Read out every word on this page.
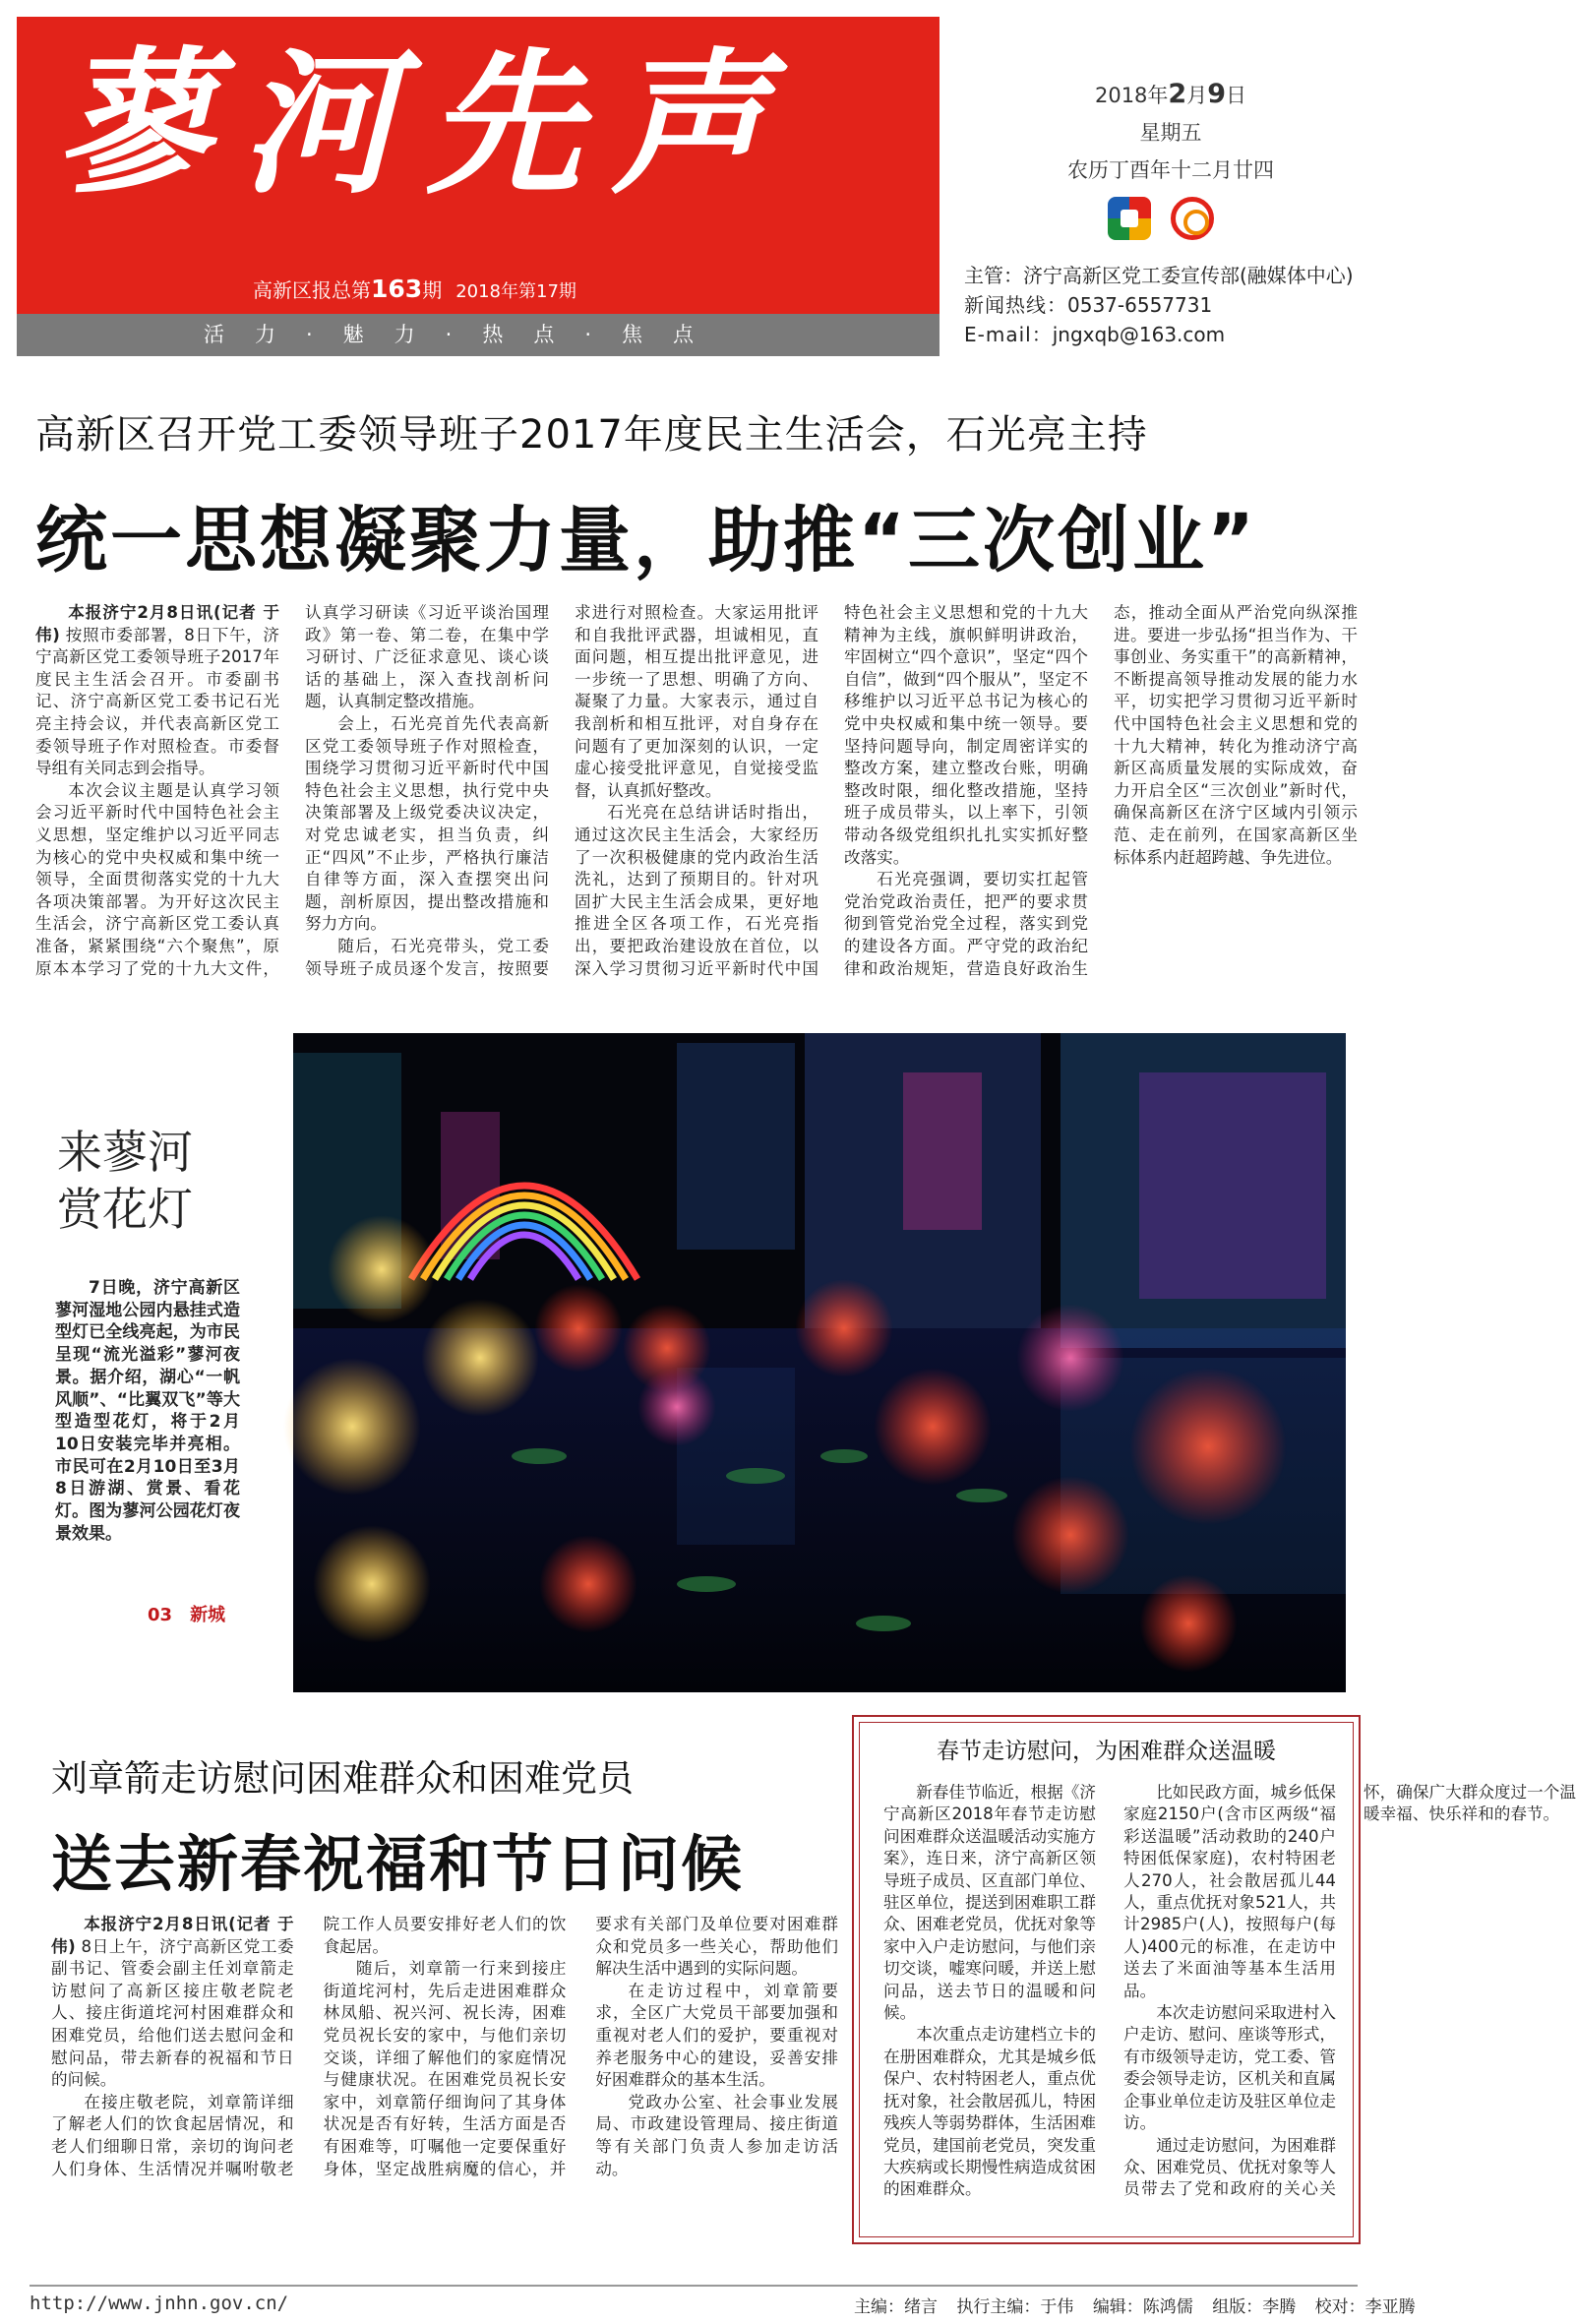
蓼河先声
高新区报总第163期 2018年第17期
活　力　·　魅　力　·　热　点　·　焦　点
2018年2月9日
星期五
农历丁酉年十二月廿四
主管：济宁高新区党工委宣传部(融媒体中心)
新闻热线：0537-6557731
E-mail：jngxqb@163.com
高新区召开党工委领导班子2017年度民主生活会，石光亮主持
统一思想凝聚力量，助推“三次创业”

本报济宁2月8日讯(记者 于伟) 按照市委部署，8日下午，济宁高新区党工委领导班子2017年度民主生活会召开。市委副书记、济宁高新区党工委书记石光亮主持会议，并代表高新区党工委领导班子作对照检查。市委督导组有关同志到会指导。

本次会议主题是认真学习领会习近平新时代中国特色社会主义思想，坚定维护以习近平同志为核心的党中央权威和集中统一领导，全面贯彻落实党的十九大各项决策部署。为开好这次民主生活会，济宁高新区党工委认真准备，紧紧围绕“六个聚焦”，原原本本学习了党的十九大文件，认真学习研读《习近平谈治国理政》第一卷、第二卷，在集中学习研讨、广泛征求意见、谈心谈话的基础上，深入查找剖析问题，认真制定整改措施。

会上，石光亮首先代表高新区党工委领导班子作对照检查，围绕学习贯彻习近平新时代中国特色社会主义思想，执行党中央决策部署及上级党委决议决定，对党忠诚老实，担当负责，纠正“四风”不止步，严格执行廉洁自律等方面，深入查摆突出问题，剖析原因，提出整改措施和努力方向。

随后，石光亮带头，党工委领导班子成员逐个发言，按照要求进行对照检查。大家运用批评和自我批评武器，坦诚相见，直面问题，相互提出批评意见，进一步统一了思想、明确了方向、凝聚了力量。大家表示，通过自我剖析和相互批评，对自身存在问题有了更加深刻的认识，一定虚心接受批评意见，自觉接受监督，认真抓好整改。

石光亮在总结讲话时指出，通过这次民主生活会，大家经历了一次积极健康的党内政治生活洗礼，达到了预期目的。针对巩固扩大民主生活会成果，更好地推进全区各项工作，石光亮指出，要把政治建设放在首位，以深入学习贯彻习近平新时代中国特色社会主义思想和党的十九大精神为主线，旗帜鲜明讲政治，牢固树立“四个意识”，坚定“四个自信”，做到“四个服从”，坚定不移维护以习近平总书记为核心的党中央权威和集中统一领导。要坚持问题导向，制定周密详实的整改方案，建立整改台账，明确整改时限，细化整改措施，坚持班子成员带头，以上率下，引领带动各级党组织扎扎实实抓好整改落实。

石光亮强调，要切实扛起管党治党政治责任，把严的要求贯彻到管党治党全过程，落实到党的建设各方面。严守党的政治纪律和政治规矩，营造良好政治生态，推动全面从严治党向纵深推进。要进一步弘扬“担当作为、干事创业、务实重干”的高新精神，不断提高领导推动发展的能力水平，切实把学习贯彻习近平新时代中国特色社会主义思想和党的十九大精神，转化为推动济宁高新区高质量发展的实际成效，奋力开启全区“三次创业”新时代，确保高新区在济宁区域内引领示范、走在前列，在国家高新区坐标体系内赶超跨越、争先进位。

来蓼河
赏花灯

7日晚，济宁高新区蓼河湿地公园内悬挂式造型灯已全线亮起，为市民呈现“流光溢彩”蓼河夜景。据介绍，湖心“一帆风顺”、“比翼双飞”等大型造型花灯，将于2月10日安装完毕并亮相。市民可在2月10日至3月8日游湖、赏景、看花灯。图为蓼河公园花灯夜景效果。

03 新城
刘章箭走访慰问困难群众和困难党员
送去新春祝福和节日问候

本报济宁2月8日讯(记者 于伟) 8日上午，济宁高新区党工委副书记、管委会副主任刘章箭走访慰问了高新区接庄敬老院老人、接庄街道垞河村困难群众和困难党员，给他们送去慰问金和慰问品，带去新春的祝福和节日的问候。

在接庄敬老院，刘章箭详细了解老人们的饮食起居情况，和老人们细聊日常，亲切的询问老人们身体、生活情况并嘱咐敬老院工作人员要安排好老人们的饮食起居。

随后，刘章箭一行来到接庄街道垞河村，先后走进困难群众林凤船、祝兴河、祝长涛，困难党员祝长安的家中，与他们亲切交谈，详细了解他们的家庭情况与健康状况。在困难党员祝长安家中，刘章箭仔细询问了其身体状况是否有好转，生活方面是否有困难等，叮嘱他一定要保重好身体，坚定战胜病魔的信心，并要求有关部门及单位要对困难群众和党员多一些关心，帮助他们解决生活中遇到的实际问题。

在走访过程中，刘章箭要求，全区广大党员干部要加强和重视对老人们的爱护，要重视对养老服务中心的建设，妥善安排好困难群众的基本生活。

党政办公室、社会事业发展局、市政建设管理局、接庄街道等有关部门负责人参加走访活动。

春节走访慰问，为困难群众送温暖

新春佳节临近，根据《济宁高新区2018年春节走访慰问困难群众送温暖活动实施方案》，连日来，济宁高新区领导班子成员、区直部门单位、驻区单位，提送到困难职工群众、困难老党员，优抚对象等家中入户走访慰问，与他们亲切交谈，嘘寒问暖，并送上慰问品，送去节日的温暖和问候。

本次重点走访建档立卡的在册困难群众，尤其是城乡低保户、农村特困老人，重点优抚对象，社会散居孤儿，特困残疾人等弱势群体，生活困难党员，建国前老党员，突发重大疾病或长期慢性病造成贫困的困难群众。

比如民政方面，城乡低保家庭2150户(含市区两级“福彩送温暖”活动救助的240户特困低保家庭)，农村特困老人270人，社会散居孤儿44人，重点优抚对象521人，共计2985户(人)，按照每户(每人)400元的标准，在走访中送去了米面油等基本生活用品。

本次走访慰问采取进村入户走访、慰问、座谈等形式，有市级领导走访，党工委、管委会领导走访，区机关和直属企事业单位走访及驻区单位走访。

通过走访慰问，为困难群众、困难党员、优抚对象等人员带去了党和政府的关心关怀，确保广大群众度过一个温暖幸福、快乐祥和的春节。

http://www.jnhn.gov.cn/	主编：绪言 执行主编：于伟 编辑：陈鸿儒 组版：李腾 校对：李亚腾
